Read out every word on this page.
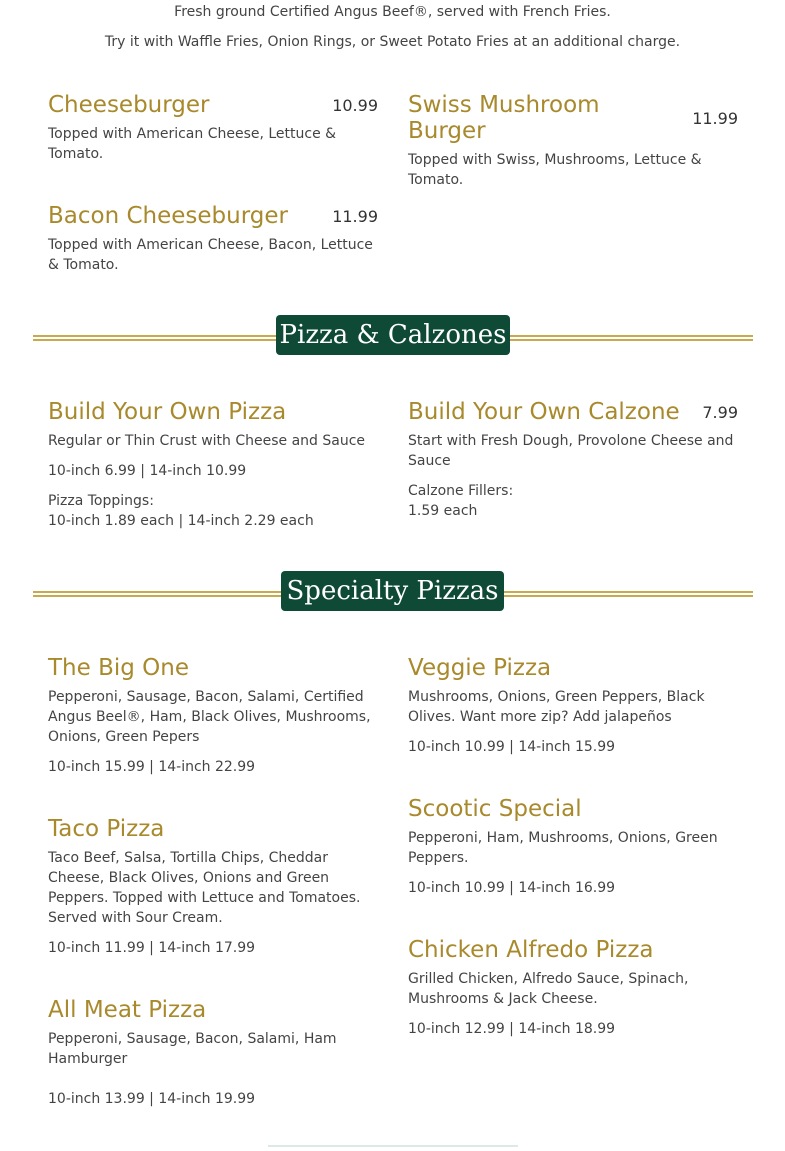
Fresh ground Certified Angus Beef®, served with French Fries.
Try it with Waffle Fries, Onion Rings, or Sweet Potato Fries at an additional charge.
Cheeseburger	10.99
Topped with American Cheese, Lettuce & Tomato.
Swiss Mushroom Burger	11.99
Topped with Swiss, Mushrooms, Lettuce & Tomato.
Bacon Cheeseburger	11.99
Topped with American Cheese, Bacon, Lettuce & Tomato.
Pizza & Calzones
Build Your Own Pizza
Regular or Thin Crust with Cheese and Sauce
10-inch 6.99 | 14-inch 10.99
Pizza Toppings:
10-inch 1.89 each | 14-inch 2.29 each
Build Your Own Calzone	7.99
Start with Fresh Dough, Provolone Cheese and Sauce
Calzone Fillers:
1.59 each
Specialty Pizzas
The Big One
Pepperoni, Sausage, Bacon, Salami, Certified Angus Beel®, Ham, Black Olives, Mushrooms, Onions, Green Pepers
10-inch 15.99 | 14-inch 22.99
Taco Pizza
Taco Beef, Salsa, Tortilla Chips, Cheddar Cheese, Black Olives, Onions and Green Peppers. Topped with Lettuce and Tomatoes. Served with Sour Cream.
10-inch 11.99 | 14-inch 17.99
All Meat Pizza
Pepperoni, Sausage, Bacon, Salami, Ham Hamburger
10-inch 13.99 | 14-inch 19.99
Veggie Pizza
Mushrooms, Onions, Green Peppers, Black Olives. Want more zip? Add jalapeños
10-inch 10.99 | 14-inch 15.99
Scootic Special
Pepperoni, Ham, Mushrooms, Onions, Green Peppers.
10-inch 10.99 | 14-inch 16.99
Chicken Alfredo Pizza
Grilled Chicken, Alfredo Sauce, Spinach, Mushrooms & Jack Cheese.
10-inch 12.99 | 14-inch 18.99
